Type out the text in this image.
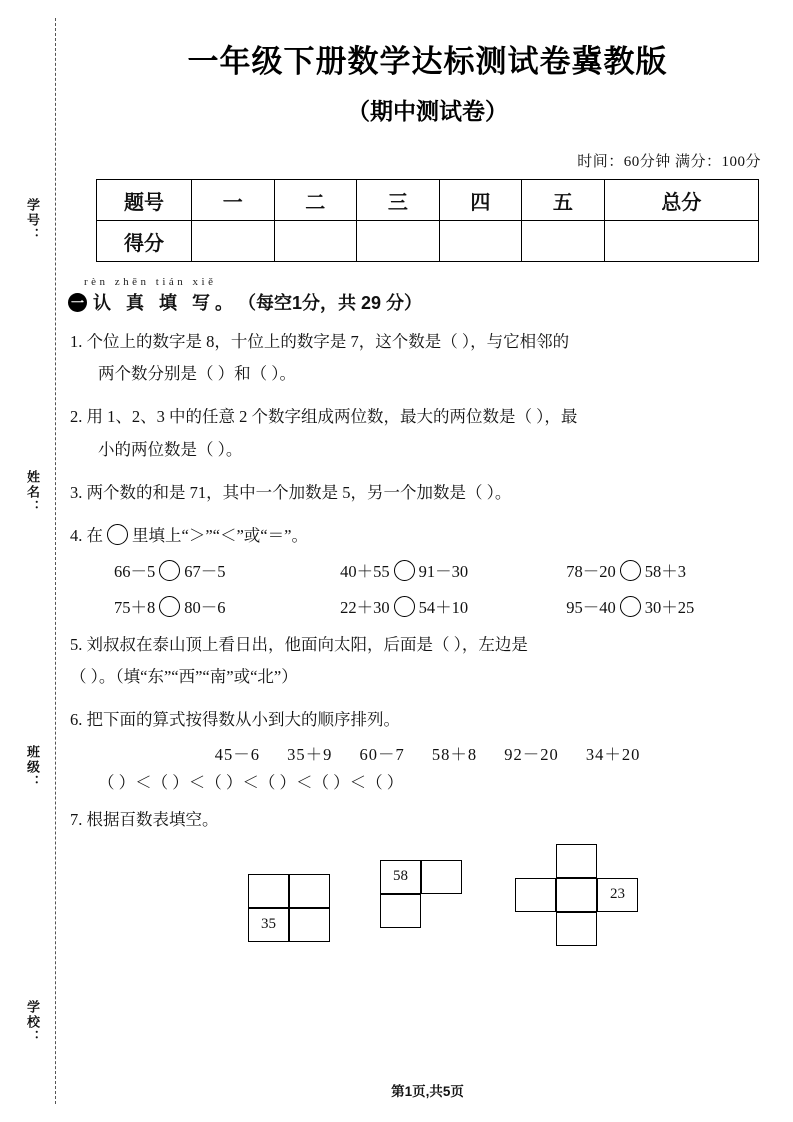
学号：
姓名：
班级：
学校：
一年级下册数学达标测试卷冀教版
（期中测试卷）
时间：60分钟 满分：100分
题号	一	二	三	四	五	总分
得分						
rèn zhēn tián xiě
一 认 真 填 写。 （每空1分，共 29 分）
1. 个位上的数字是 8，十位上的数字是 7，这个数是（ ），与它相邻的
两个数分别是（ ）和（ ）。
2. 用 1、2、3 中的任意 2 个数字组成两位数，最大的两位数是（ ），最
小的两位数是（ ）。
3. 两个数的和是 71，其中一个加数是 5，另一个加数是（ ）。
4. 在 里填上“＞”“＜”或“＝”。
66－5 67－5	40＋55 91－30	78－20 58＋3
75＋8 80－6	22＋30 54＋10	95－40 30＋25
5. 刘叔叔在泰山顶上看日出，他面向太阳，后面是（ ），左边是
（ ）。（填“东”“西”“南”或“北”）
6. 把下面的算式按得数从小到大的顺序排列。
45－6 35＋9 60－7 58＋8 92－20 34＋20
（ ）＜（ ）＜（ ）＜（ ）＜（ ）＜（ ）
7. 根据百数表填空。
35
58
23
第1页,共5页
